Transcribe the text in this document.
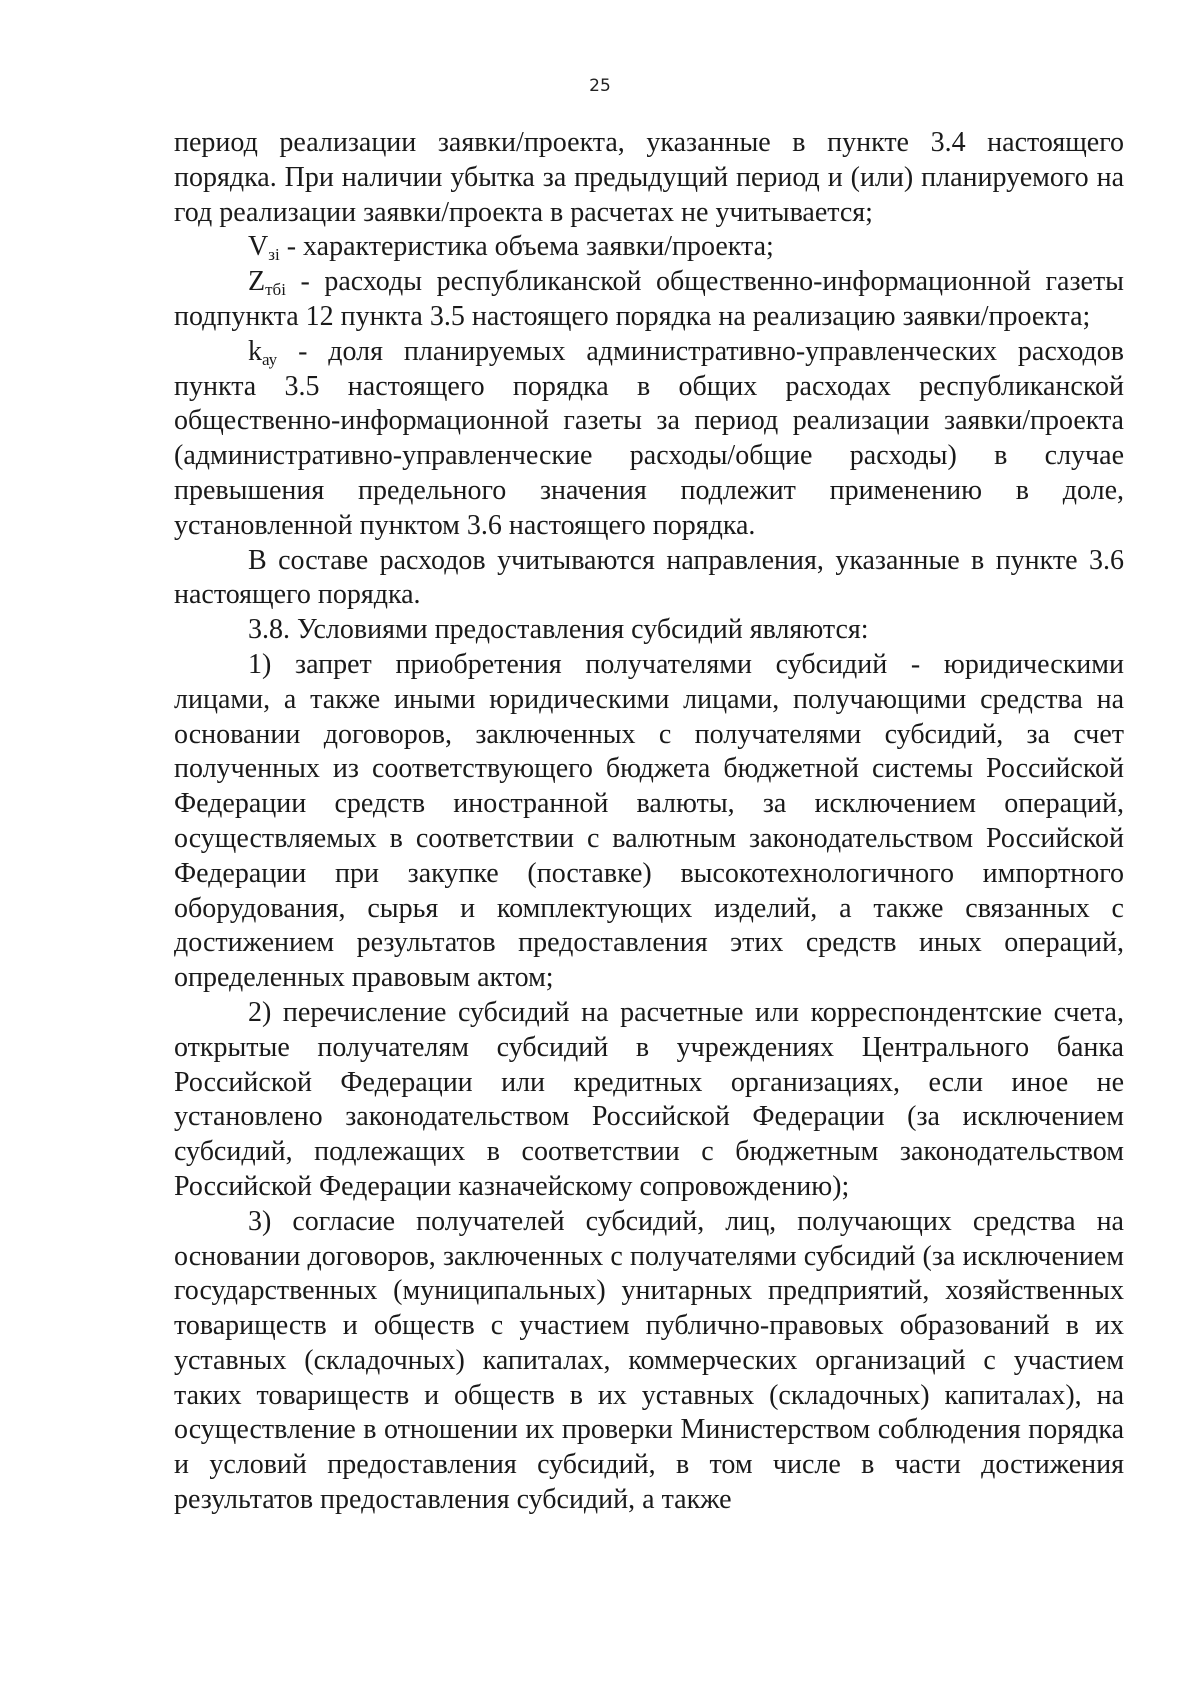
25

период реализации заявки/проекта, указанные в пункте 3.4 настоящего порядка. При наличии убытка за предыдущий период и (или) планируемого на год реализации заявки/проекта в расчетах не учитывается;

$V_{зi}$ - характеристика объема заявки/проекта;

$Z_{тбi}$ - расходы республиканской общественно-информационной газеты подпункта 12 пункта 3.5 настоящего порядка на реализацию заявки/проекта;

$k_{ау}$ - доля планируемых административно-управленческих расходов пункта 3.5 настоящего порядка в общих расходах республиканской общественно-информационной газеты за период реализации заявки/проекта (административно-управленческие расходы/общие расходы) в случае превышения предельного значения подлежит применению в доле, установленной пунктом 3.6 настоящего порядка.

В составе расходов учитываются направления, указанные в пункте 3.6 настоящего порядка.

3.8. Условиями предоставления субсидий являются:

1) запрет приобретения получателями субсидий - юридическими лицами, а также иными юридическими лицами, получающими средства на основании договоров, заключенных с получателями субсидий, за счет полученных из соответствующего бюджета бюджетной системы Российской Федерации средств иностранной валюты, за исключением операций, осуществляемых в соответствии с валютным законодательством Российской Федерации при закупке (поставке) высокотехнологичного импортного оборудования, сырья и комплектующих изделий, а также связанных с достижением результатов предоставления этих средств иных операций, определенных правовым актом;

2) перечисление субсидий на расчетные или корреспондентские счета, открытые получателям субсидий в учреждениях Центрального банка Российской Федерации или кредитных организациях, если иное не установлено законодательством Российской Федерации (за исключением субсидий, подлежащих в соответствии с бюджетным законодательством Российской Федерации казначейскому сопровождению);

3) согласие получателей субсидий, лиц, получающих средства на основании договоров, заключенных с получателями субсидий (за исключением государственных (муниципальных) унитарных предприятий, хозяйственных товариществ и обществ с участием публично-правовых образований в их уставных (складочных) капиталах, коммерческих организаций с участием таких товариществ и обществ в их уставных (складочных) капиталах), на осуществление в отношении их проверки Министерством соблюдения порядка и условий предоставления субсидий, в том числе в части достижения результатов предоставления субсидий, а также
